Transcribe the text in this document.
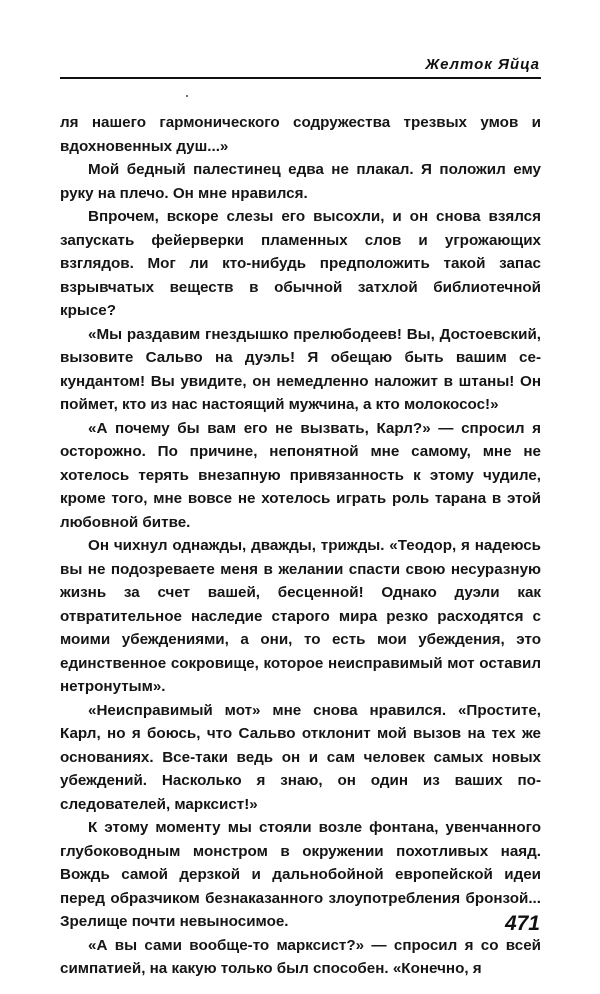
Желток Яйца

ля нашего гармонического содружества трезвых умов и вдохновенных душ...»

Мой бедный палестинец едва не плакал. Я положил ему руку на плечо. Он мне нравился.

Впрочем, вскоре слезы его высохли, и он снова взялся запускать фейерверки пламенных слов и угрожающих взглядов. Мог ли кто-нибудь предположить такой запас взрывчатых веществ в обычной затхлой библиотечной крысе?

«Мы раздавим гнездышко прелюбодеев! Вы, Достоевский, вызовите Сальво на дуэль! Я обещаю быть вашим секундантом! Вы увидите, он немедленно наложит в штаны! Он поймет, кто из нас настоящий мужчина, а кто молокосос!»

«А почему бы вам его не вызвать, Карл?» — спросил я осторожно. По причине, непонятной мне самому, мне не хотелось терять внезапную привязанность к этому чудиле, кроме того, мне вовсе не хотелось играть роль тарана в этой любовной битве.

Он чихнул однажды, дважды, трижды. «Теодор, я надеюсь вы не подозреваете меня в желании спасти свою несуразную жизнь за счет вашей, бесценной! Однако дуэли как отвратительное наследие старого мира резко расходятся с моими убеждениями, а они, то есть мои убеждения, это единственное сокровище, которое неисправимый мот оставил нетронутым».

«Неисправимый мот» мне снова нравился. «Простите, Карл, но я боюсь, что Сальво отклонит мой вызов на тех же основаниях. Все-таки ведь он и сам человек самых новых убеждений. Насколько я знаю, он один из ваших последователей, марксист!»

К этому моменту мы стояли возле фонтана, увенчанного глубоководным монстром в окружении похотливых наяд. Вождь самой дерзкой и дальнобойной европейской идеи перед образчиком безнаказанного злоупотребления бронзой... Зрелище почти невыносимое.

«А вы сами вообще-то марксист?» — спросил я со всей симпатией, на какую только был способен. «Конечно, я

471
